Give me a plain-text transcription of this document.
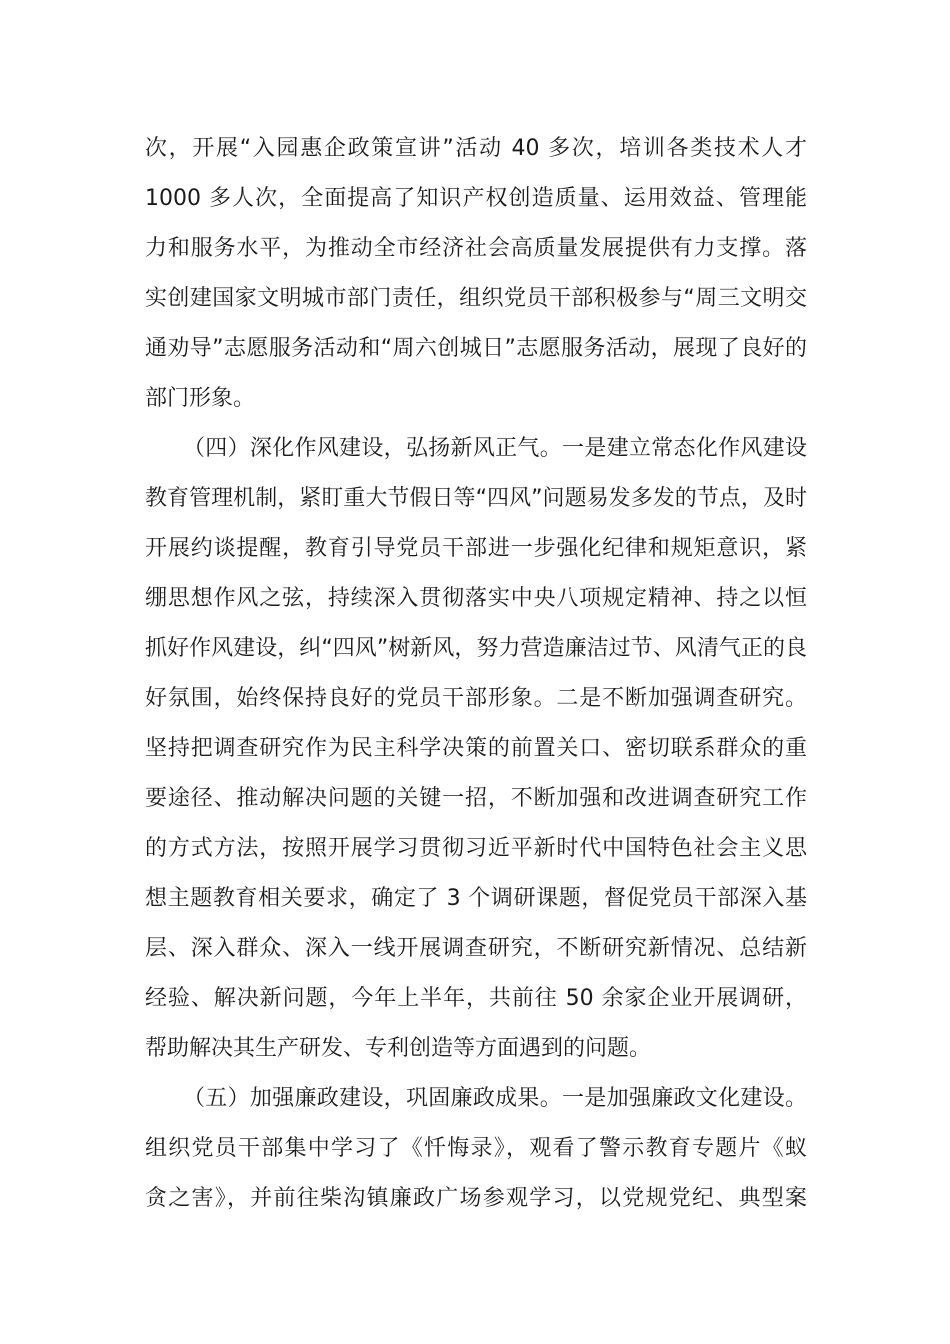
次，开展“入园惠企政策宣讲”活动 40 多次，培训各类技术人才
1000 多人次，全面提高了知识产权创造质量、运用效益、管理能
力和服务水平，为推动全市经济社会高质量发展提供有力支撑。落
实创建国家文明城市部门责任，组织党员干部积极参与“周三文明交
通劝导”志愿服务活动和“周六创城日”志愿服务活动，展现了良好的
部门形象。
（四）深化作风建设，弘扬新风正气。一是建立常态化作风建设
教育管理机制，紧盯重大节假日等“四风”问题易发多发的节点，及时
开展约谈提醒，教育引导党员干部进一步强化纪律和规矩意识，紧
绷思想作风之弦，持续深入贯彻落实中央八项规定精神、持之以恒
抓好作风建设，纠“四风”树新风，努力营造廉洁过节、风清气正的良
好氛围，始终保持良好的党员干部形象。二是不断加强调查研究。
坚持把调查研究作为民主科学决策的前置关口、密切联系群众的重
要途径、推动解决问题的关键一招，不断加强和改进调查研究工作
的方式方法，按照开展学习贯彻习近平新时代中国特色社会主义思
想主题教育相关要求，确定了 3 个调研课题，督促党员干部深入基
层、深入群众、深入一线开展调查研究，不断研究新情况、总结新
经验、解决新问题，今年上半年，共前往 50 余家企业开展调研，
帮助解决其生产研发、专利创造等方面遇到的问题。
（五）加强廉政建设，巩固廉政成果。一是加强廉政文化建设。
组织党员干部集中学习了《忏悔录》，观看了警示教育专题片《蚁
贪之害》，并前往柴沟镇廉政广场参观学习，以党规党纪、典型案
